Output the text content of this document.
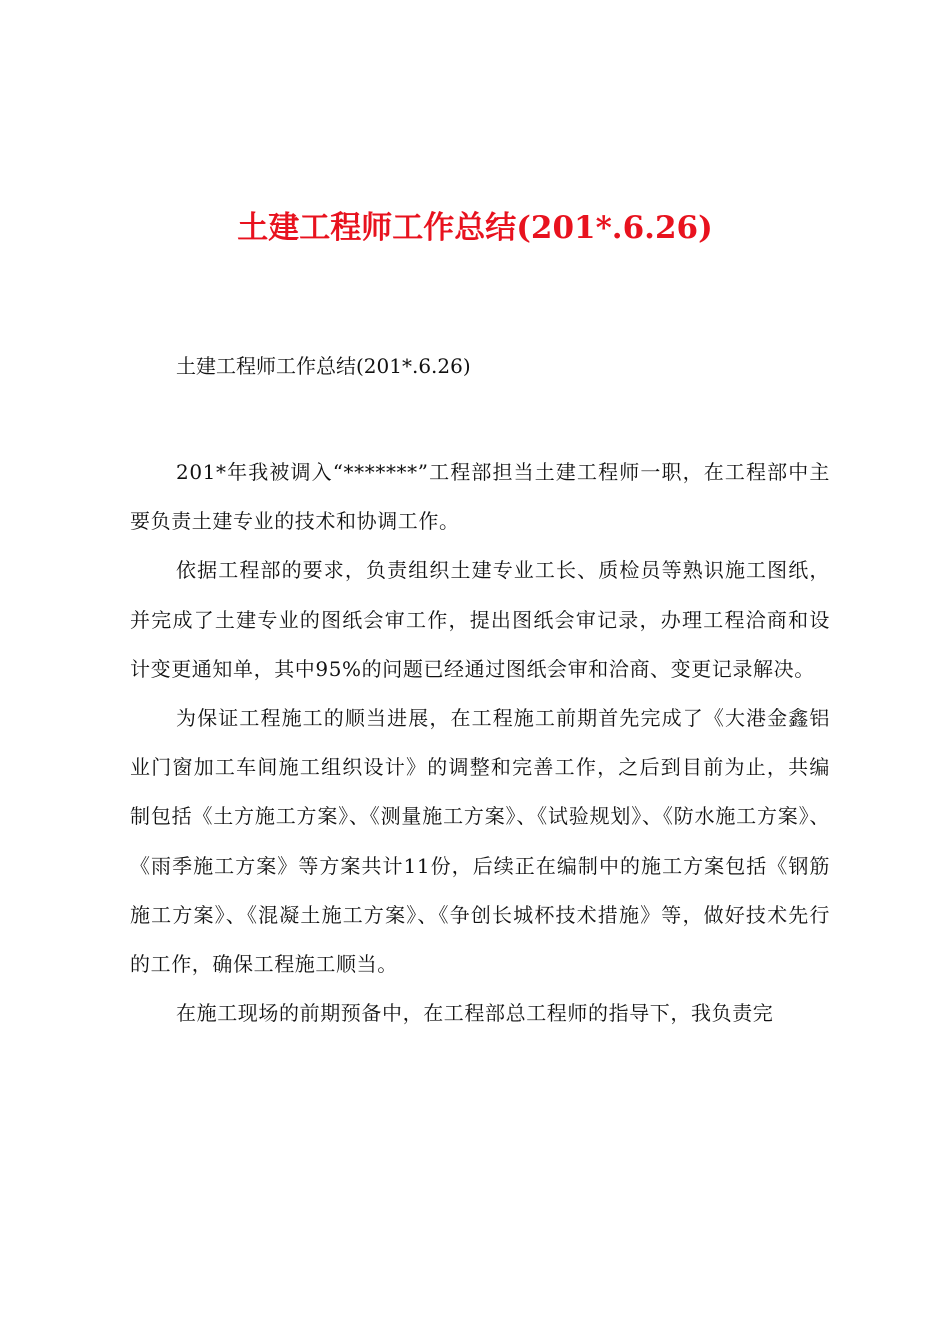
土建工程师工作总结(201*.6.26)
土建工程师工作总结(201*.6.26)

201*年我被调入“*******”工程部担当土建工程师一职，在工程部中主要负责土建专业的技术和协调工作。

依据工程部的要求，负责组织土建专业工长、质检员等熟识施工图纸，并完成了土建专业的图纸会审工作，提出图纸会审记录，办理工程洽商和设计变更通知单，其中95%的问题已经通过图纸会审和洽商、变更记录解决。

为保证工程施工的顺当进展，在工程施工前期首先完成了《大港金鑫铝业门窗加工车间施工组织设计》的调整和完善工作，之后到目前为止，共编制包括《土方施工方案》、《测量施工方案》、《试验规划》、《防水施工方案》、《雨季施工方案》等方案共计11份，后续正在编制中的施工方案包括《钢筋施工方案》、《混凝土施工方案》、《争创长城杯技术措施》等，做好技术先行的工作，确保工程施工顺当。

在施工现场的前期预备中，在工程部总工程师的指导下，我负责完
